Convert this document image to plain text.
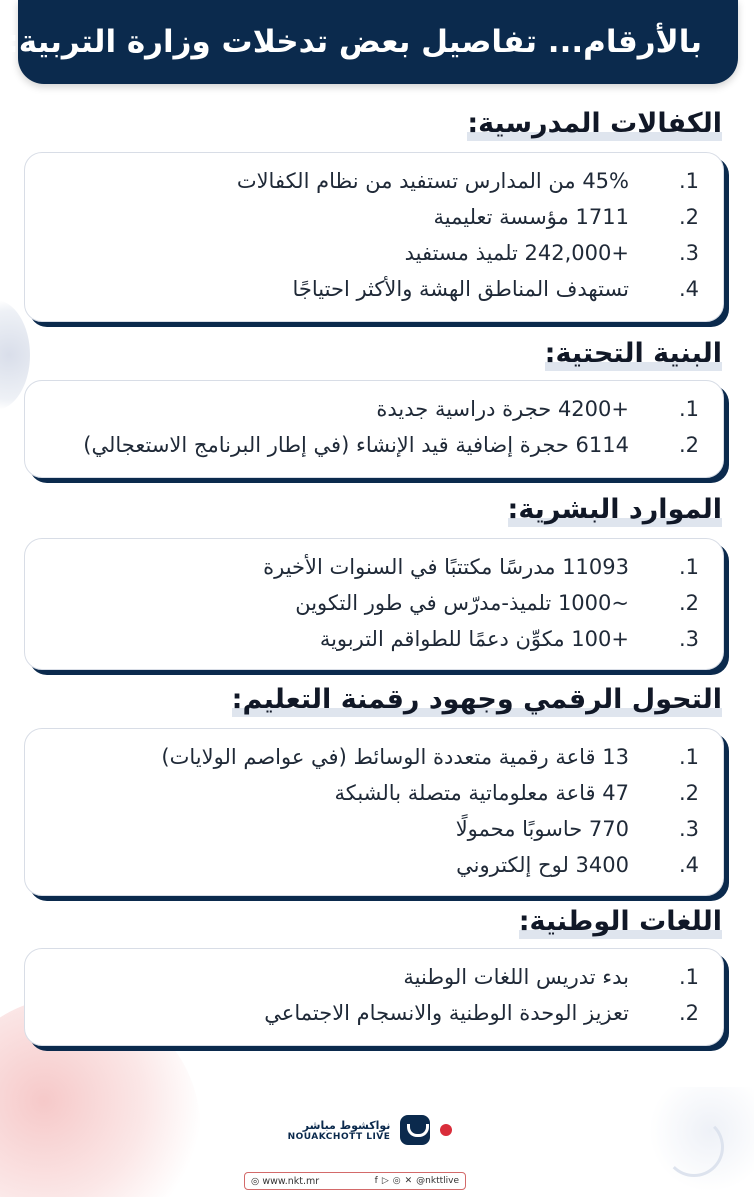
بالأرقام... تفاصيل بعض تدخلات وزارة التربية:
الكفالات المدرسية:
1.
45% من المدارس تستفيد من نظام الكفالات
2.
1711 مؤسسة تعليمية
3.
+242,000 تلميذ مستفيد
4.
تستهدف المناطق الهشة والأكثر احتياجًا
البنية التحتية:
1.
+4200 حجرة دراسية جديدة
2.
6114 حجرة إضافية قيد الإنشاء (في إطار البرنامج الاستعجالي)
الموارد البشرية:
1.
11093 مدرسًا مكتتبًا في السنوات الأخيرة
2.
~1000 تلميذ-مدرّس في طور التكوين
3.
+100 مكوِّن دعمًا للطواقم التربوية
التحول الرقمي وجهود رقمنة التعليم:
1.
13 قاعة رقمية متعددة الوسائط (في عواصم الولايات)
2.
47 قاعة معلوماتية متصلة بالشبكة
3.
770 حاسوبًا محمولًا
4.
3400 لوح إلكتروني
اللغات الوطنية:
1.
بدء تدريس اللغات الوطنية
2.
تعزيز الوحدة الوطنية والانسجام الاجتماعي
نواكشوط مباشر
NOUAKCHOTT LIVE
◎ www.nkt.mr	f ▷ ◎ ✕ @nkttlive
